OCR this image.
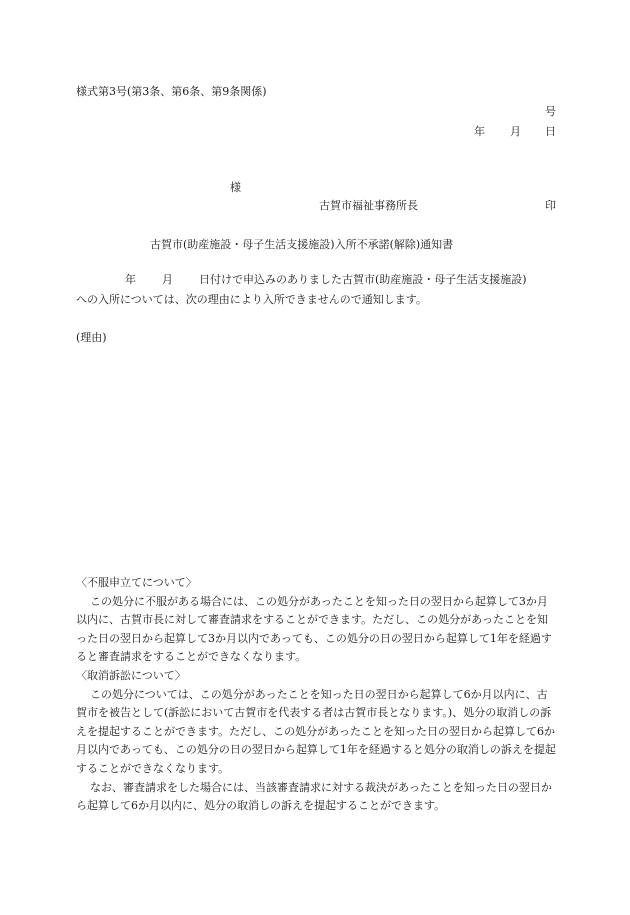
様式第3号(第3条、第6条、第9条関係)
号
年 月 日
様
古賀市福祉事務所長	印
古賀市(助産施設・母子生活支援施設)入所不承諾(解除)通知書
年 月 日付けで申込みのありました古賀市(助産施設・母子生活支援施設)
への入所については、次の理由により入所できませんので通知します。
(理由)

〈不服申立てについて〉

この処分に不服がある場合には、この処分があったことを知った日の翌日から起算して3か月以内に、古賀市長に対して審査請求をすることができます。ただし、この処分があったことを知った日の翌日から起算して3か月以内であっても、この処分の日の翌日から起算して1年を経過すると審査請求をすることができなくなります。

〈取消訴訟について〉

この処分については、この処分があったことを知った日の翌日から起算して6か月以内に、古賀市を被告として(訴訟において古賀市を代表する者は古賀市長となります。)、処分の取消しの訴えを提起することができます。ただし、この処分があったことを知った日の翌日から起算して6か月以内であっても、この処分の日の翌日から起算して1年を経過すると処分の取消しの訴えを提起することができなくなります。

なお、審査請求をした場合には、当該審査請求に対する裁決があったことを知った日の翌日から起算して6か月以内に、処分の取消しの訴えを提起することができます。
